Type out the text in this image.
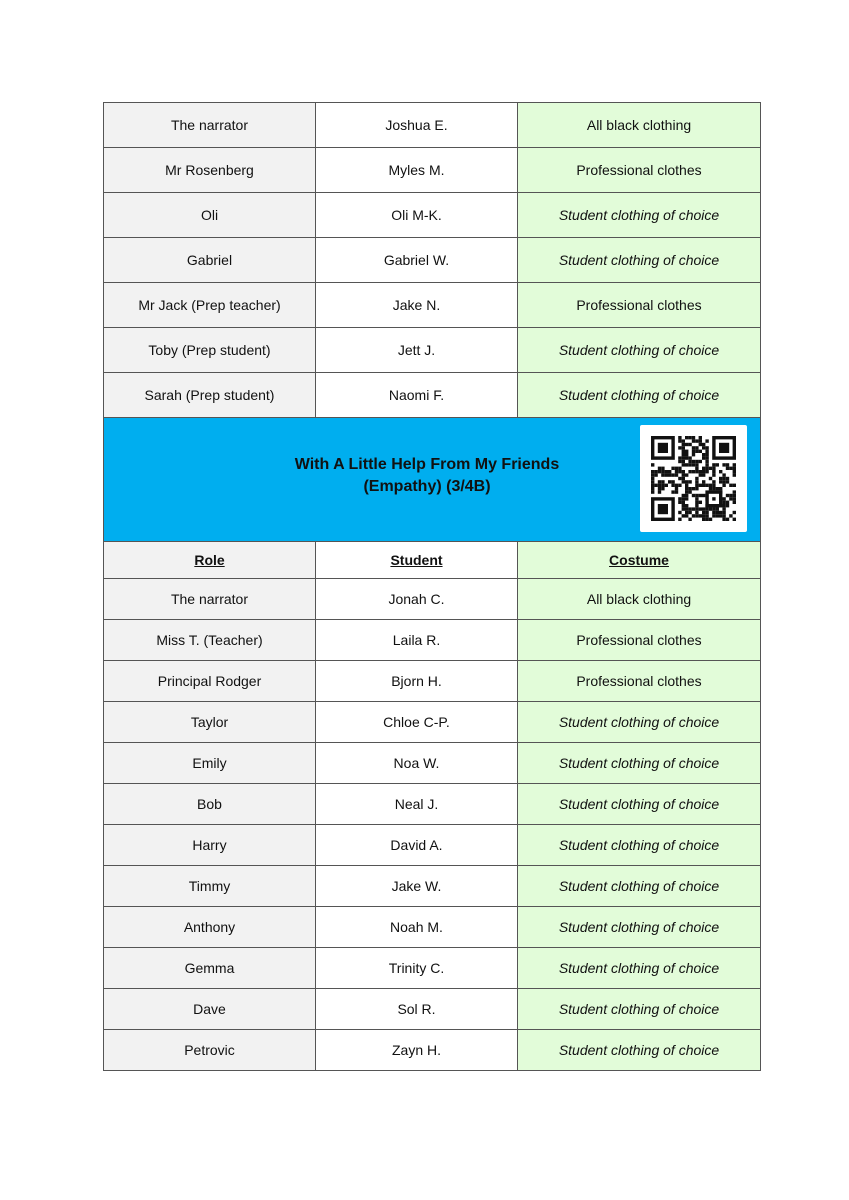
The narrator	Joshua E.	All black clothing
Mr Rosenberg	Myles M.	Professional clothes
Oli	Oli M-K.	Student clothing of choice
Gabriel	Gabriel W.	Student clothing of choice
Mr Jack (Prep teacher)	Jake N.	Professional clothes
Toby (Prep student)	Jett J.	Student clothing of choice
Sarah (Prep student)	Naomi F.	Student clothing of choice

With A Little Help From My Friends
(Empathy) (3/4B)		

Role	Student	Costume
The narrator	Jonah C.	All black clothing
Miss T. (Teacher)	Laila R.	Professional clothes
Principal Rodger	Bjorn H.	Professional clothes
Taylor	Chloe C-P.	Student clothing of choice
Emily	Noa W.	Student clothing of choice
Bob	Neal J.	Student clothing of choice
Harry	David A.	Student clothing of choice
Timmy	Jake W.	Student clothing of choice
Anthony	Noah M.	Student clothing of choice
Gemma	Trinity C.	Student clothing of choice
Dave	Sol R.	Student clothing of choice
Petrovic	Zayn H.	Student clothing of choice
